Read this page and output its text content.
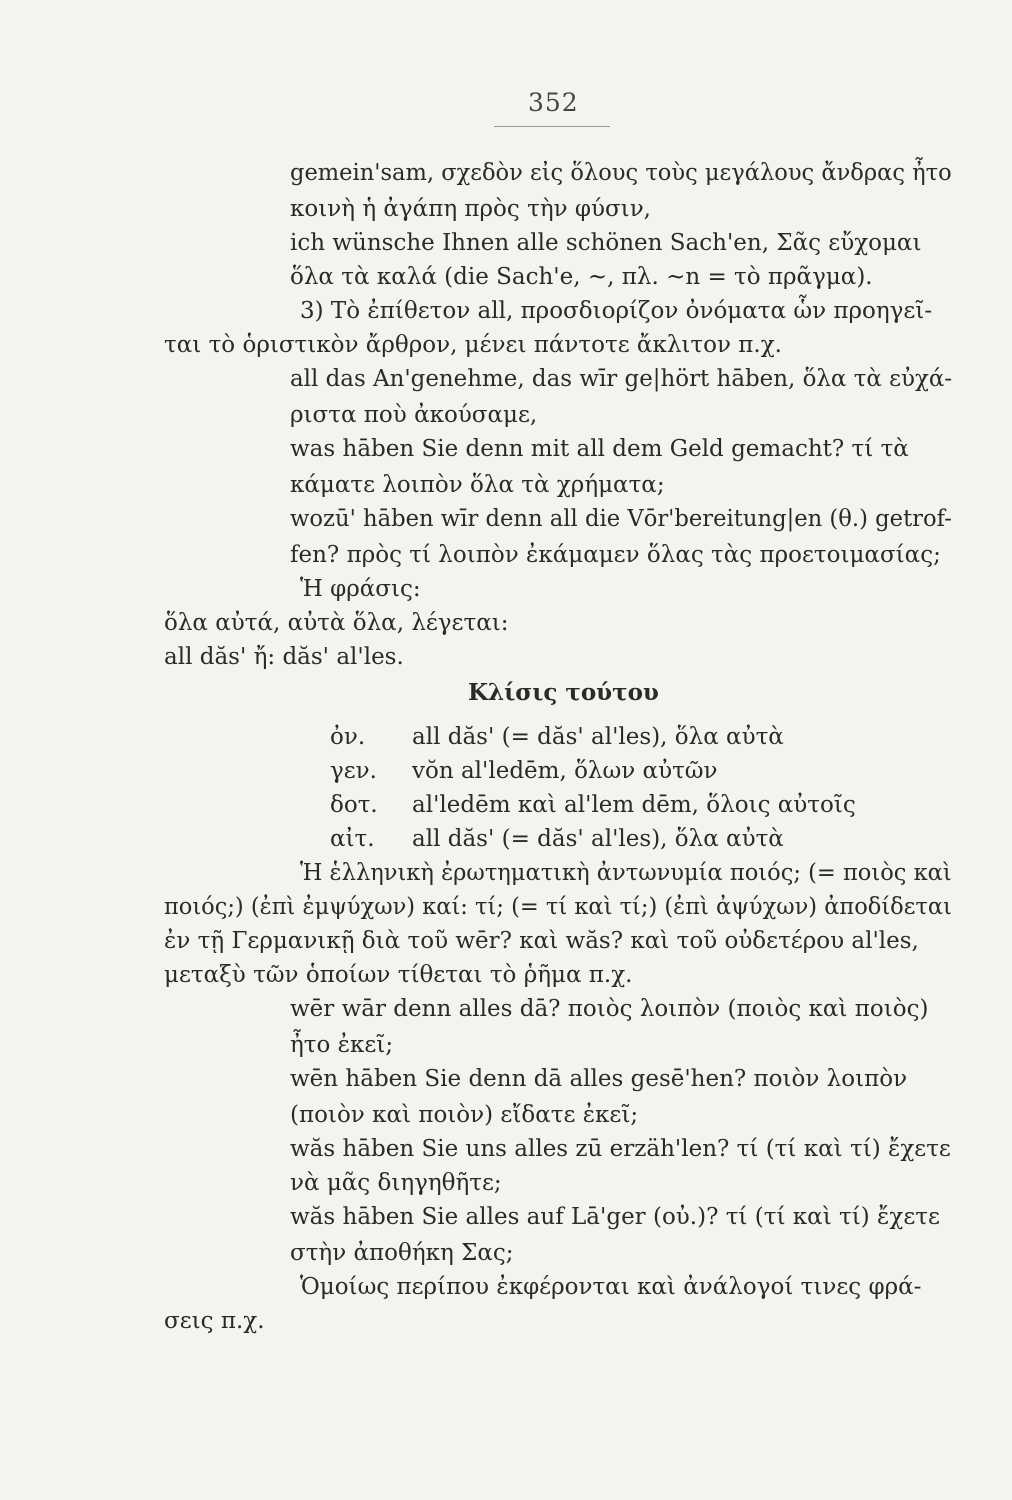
352
gemein'sam, σχεδὸν εἰς ὅλους τοὺς μεγάλους ἄνδρας ἦτο
κοινὴ ἡ ἀγάπη πρὸς τὴν φύσιν,
ich wünsche Ihnen alle schönen Sach'en, Σᾶς εὔχομαι
ὅλα τὰ καλά (die Sach'e, ~, πλ. ~n = τὸ πρᾶγμα).
3) Τὸ ἐπίθετον all, προσδιορίζον ὀνόματα ὧν προηγεῖ-
ται τὸ ὁριστικὸν ἄρθρον, μένει πάντοτε ἄκλιτον π.χ.
all das An'genehme, das wīr ge|hört hāben, ὅλα τὰ εὐχά-
ριστα ποὺ ἀκούσαμε,
was hāben Sie denn mit all dem Geld gemacht? τί τὰ
κάματε λοιπὸν ὅλα τὰ χρήματα;
wozū' hāben wīr denn all die Vōr'bereitung|en (θ.) getrof-
fen? πρὸς τί λοιπὸν ἐκάμαμεν ὅλας τὰς προετοιμασίας;
Ἡ φράσις:
ὅλα αὐτά, αὐτὰ ὅλα, λέγεται:
all dăs' ἤ: dăs' al'les.
Κλίσις τούτου
ὀν. all dăs' (= dăs' al'les), ὅλα αὐτὰ
γεν. vŏn al'ledēm, ὅλων αὐτῶν
δοτ. al'ledēm καὶ al'lem dēm, ὅλοις αὐτοῖς
αἰτ. all dăs' (= dăs' al'les), ὅλα αὐτὰ
Ἡ ἑλληνικὴ ἐρωτηματικὴ ἀντωνυμία ποιός; (= ποιὸς καὶ
ποιός;) (ἐπὶ ἐμψύχων) καί: τί; (= τί καὶ τί;) (ἐπὶ ἀψύχων) ἀποδίδεται
ἐν τῇ Γερμανικῇ διὰ τοῦ wēr? καὶ wăs? καὶ τοῦ οὐδετέρου al'les,
μεταξὺ τῶν ὁποίων τίθεται τὸ ῥῆμα π.χ.
wēr wār denn alles dā? ποιὸς λοιπὸν (ποιὸς καὶ ποιὸς)
ἦτο ἐκεῖ;
wēn hāben Sie denn dā alles gesē'hen? ποιὸν λοιπὸν
(ποιὸν καὶ ποιὸν) εἴδατε ἐκεῖ;
wăs hāben Sie uns alles zū erzäh'len? τί (τί καὶ τί) ἔχετε
νὰ μᾶς διηγηθῆτε;
wăs hāben Sie alles auf Lā'ger (οὐ.)? τί (τί καὶ τί) ἔχετε
στὴν ἀποθήκη Σας;
Ὁμοίως περίπου ἐκφέρονται καὶ ἀνάλογοί τινες φρά-
σεις π.χ.
